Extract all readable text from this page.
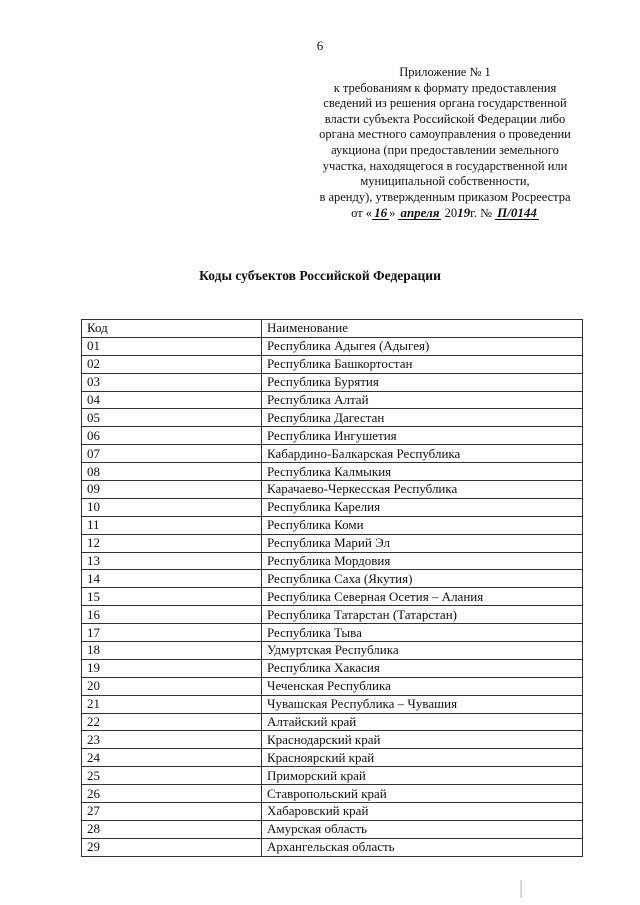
6
Приложение № 1
к требованиям к формату предоставления
сведений из решения органа государственной
власти субъекта Российской Федерации либо
органа местного самоуправления о проведении
аукциона (при предоставлении земельного
участка, находящегося в государственной или
муниципальной собственности,
в аренду), утвержденным приказом Росреестра
от « 16 » апреля 2019г. № П/0144
Коды субъектов Российской Федерации
Код	Наименование
01	Республика Адыгея (Адыгея)
02	Республика Башкортостан
03	Республика Бурятия
04	Республика Алтай
05	Республика Дагестан
06	Республика Ингушетия
07	Кабардино-Балкарская Республика
08	Республика Калмыкия
09	Карачаево-Черкесская Республика
10	Республика Карелия
11	Республика Коми
12	Республика Марий Эл
13	Республика Мордовия
14	Республика Саха (Якутия)
15	Республика Северная Осетия – Алания
16	Республика Татарстан (Татарстан)
17	Республика Тыва
18	Удмуртская Республика
19	Республика Хакасия
20	Чеченская Республика
21	Чувашская Республика – Чувашия
22	Алтайский край
23	Краснодарский край
24	Красноярский край
25	Приморский край
26	Ставропольский край
27	Хабаровский край
28	Амурская область
29	Архангельская область
